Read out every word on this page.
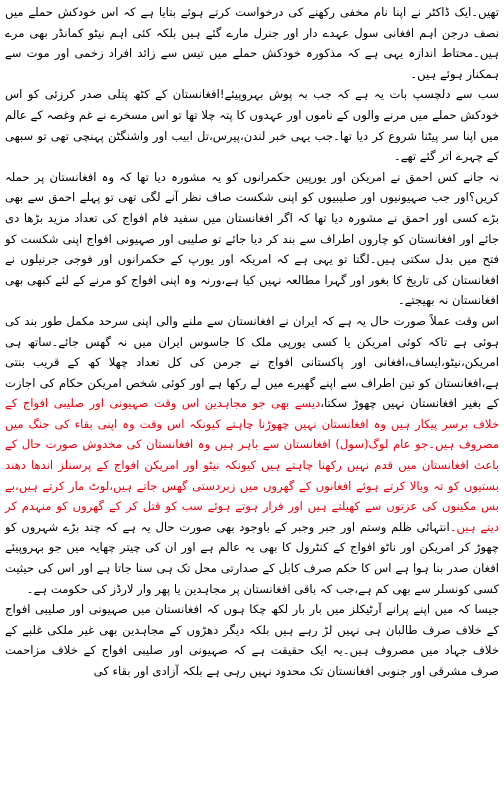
تھیں۔ایک ڈاکٹر نے اپنا نام مخفی رکھنے کی درخواست کرتے ہوئے بتایا ہے کہ اس خودکش حملے میں نصف درجن اہم افغانی سول عہدے دار اور جنرل مارے گئے ہیں بلکہ کئی اہم نیٹو کمانڈر بھی مرے ہیں۔محتاط اندازہ یہی ہے کہ مذکورہ خودکش حملے میں تیس سے زائد افراد زخمی اور موت سے ہمکنار ہوئے ہیں۔

سب سے دلچسپ بات یہ ہے کہ جب بہ پوش بہروپیئے!افغانستان کے کٹھ پتلی صدر کرزئی کو اس خودکش حملے میں مرنے والوں کے ناموں اور عہدوں کا پتہ چلا تھا تو اس مسخرے نے غم وغصہ کے عالم میں اپنا سر پیٹنا شروع کر دیا تھا۔جب یہی خبر لندن،پیرس،تل ابیب اور واشنگٹن پہنچی تھی تو سبھی کے چہرے اتر گئے تھے۔

نہ جانے کس احمق نے امریکن اور یورپین حکمرانوں کو یہ مشورہ دیا تھا کہ وہ افغانستان پر حملہ کریں؟اور جب صہیونیوں اور صلیبیوں کو اپنی شکست صاف نظر آنے لگی تھی تو پہلے احمق سے بھی بڑے کسی اور احمق نے مشورہ دیا تھا کہ اگر افغانستان میں سفید فام افواج کی تعداد مزید بڑھا دی جائے اور افغانستان کو چاروں اطراف سے بند کر دیا جائے تو صلیبی اور صہیونی افواج اپنی شکست کو فتح میں بدل سکتی ہیں۔لگتا تو یہی ہے کہ امریکہ اور یورپ کے حکمرانوں اور فوجی جرنیلوں نے افغانستان کی تاریخ کا بغور اور گہرا مطالعہ نہیں کیا ہے،ورنہ وہ اپنی افواج کو مرنے کے لئے کبھی بھی افغانستان نہ بھیجتے۔

اس وقت عملاً صورت حال یہ ہے کہ ایران نے افغانستان سے ملنے والی اپنی سرحد مکمل طور بند کی ہوئی ہے تاکہ کوئی امریکن یا کسی یورپی ملک کا جاسوس ایران میں نہ گھس جائے۔ساتھ ہی امریکن،نیٹو،ایساف،افغانی اور پاکستانی افواج نے جرمن کی کل تعداد چھلا کھ کے قریب بنتی ہے،افغانستان کو تین اطراف سے اپنے گھیرے میں لے رکھا ہے اور کوئی شخص امریکن حکام کی اجازت کے بغیر افغانستان نہیں چھوڑ سکتا،دیسے بھی جو مجاہدین اس وقت صہیونی اور صلیبی افواج کے خلاف برسر پیکار ہیں وہ افغانستان نہیں چھوڑنا چاہتے کیونکہ اس وقت وہ اپنی بقاء کی جنگ میں مصروف ہیں۔جو عام لوگ(سول) افغانستان سے باہر ہیں وہ افغانستان کی مخدوش صورت حال کے باعث افغانستان میں قدم نہیں رکھنا چاہتے ہیں کیونکہ نیٹو اور امریکن افواج کے پرسنلز اندھا دھند بستیوں کو تہ وبالا کرتے ہوئے افغانوں کے گھروں میں زبردستی گھس جاتے ہیں،لوٹ مار کرتے ہیں،بے بس مکینوں کی عزتوں سے کھیلتے ہیں اور فرار ہوتے ہوئے سب کو قتل کر کے گھروں کو منہدم کر دیتے ہیں۔انتہائی ظلم وستم اور جبر وجبر کے باوجود بھی صورت حال یہ ہے کہ چند بڑے شہروں کو چھوڑ کر امریکن اور ناٹو افواج کے کنٹرول کا بھی یہ عالم ہے اور ان کی چیتر چھایہ میں جو بہروپیئے افغان صدر بنا ہوا ہے اس کا حکم صرف کابل کے صدارتی محل تک ہی سنا جاتا ہے اور اس کی حیثیت کسی کونسلر سے بھی کم ہے،جب کہ باقی افغانستان پر مجاہدین یا پھر وار لارڈز کی حکومت ہے۔

جیسا کہ میں اپنے پرانے آرٹیکلز میں بار بار لکھ چکا ہوں کہ افغانستان میں صہیونی اور صلیبی افواج کے خلاف صرف طالبان ہی نہیں لڑ رہے ہیں بلکہ دیگر دھڑوں کے مجاہدین بھی غیر ملکی غلبے کے خلاف جہاد میں مصروف ہیں۔یہ ایک حقیقت ہے کہ صہیونی اور صلیبی افواج کے خلاف مزاحمت صرف مشرقی اور جنوبی افغانستان تک محدود نہیں رہی ہے بلکہ آزادی اور بقاء کی
